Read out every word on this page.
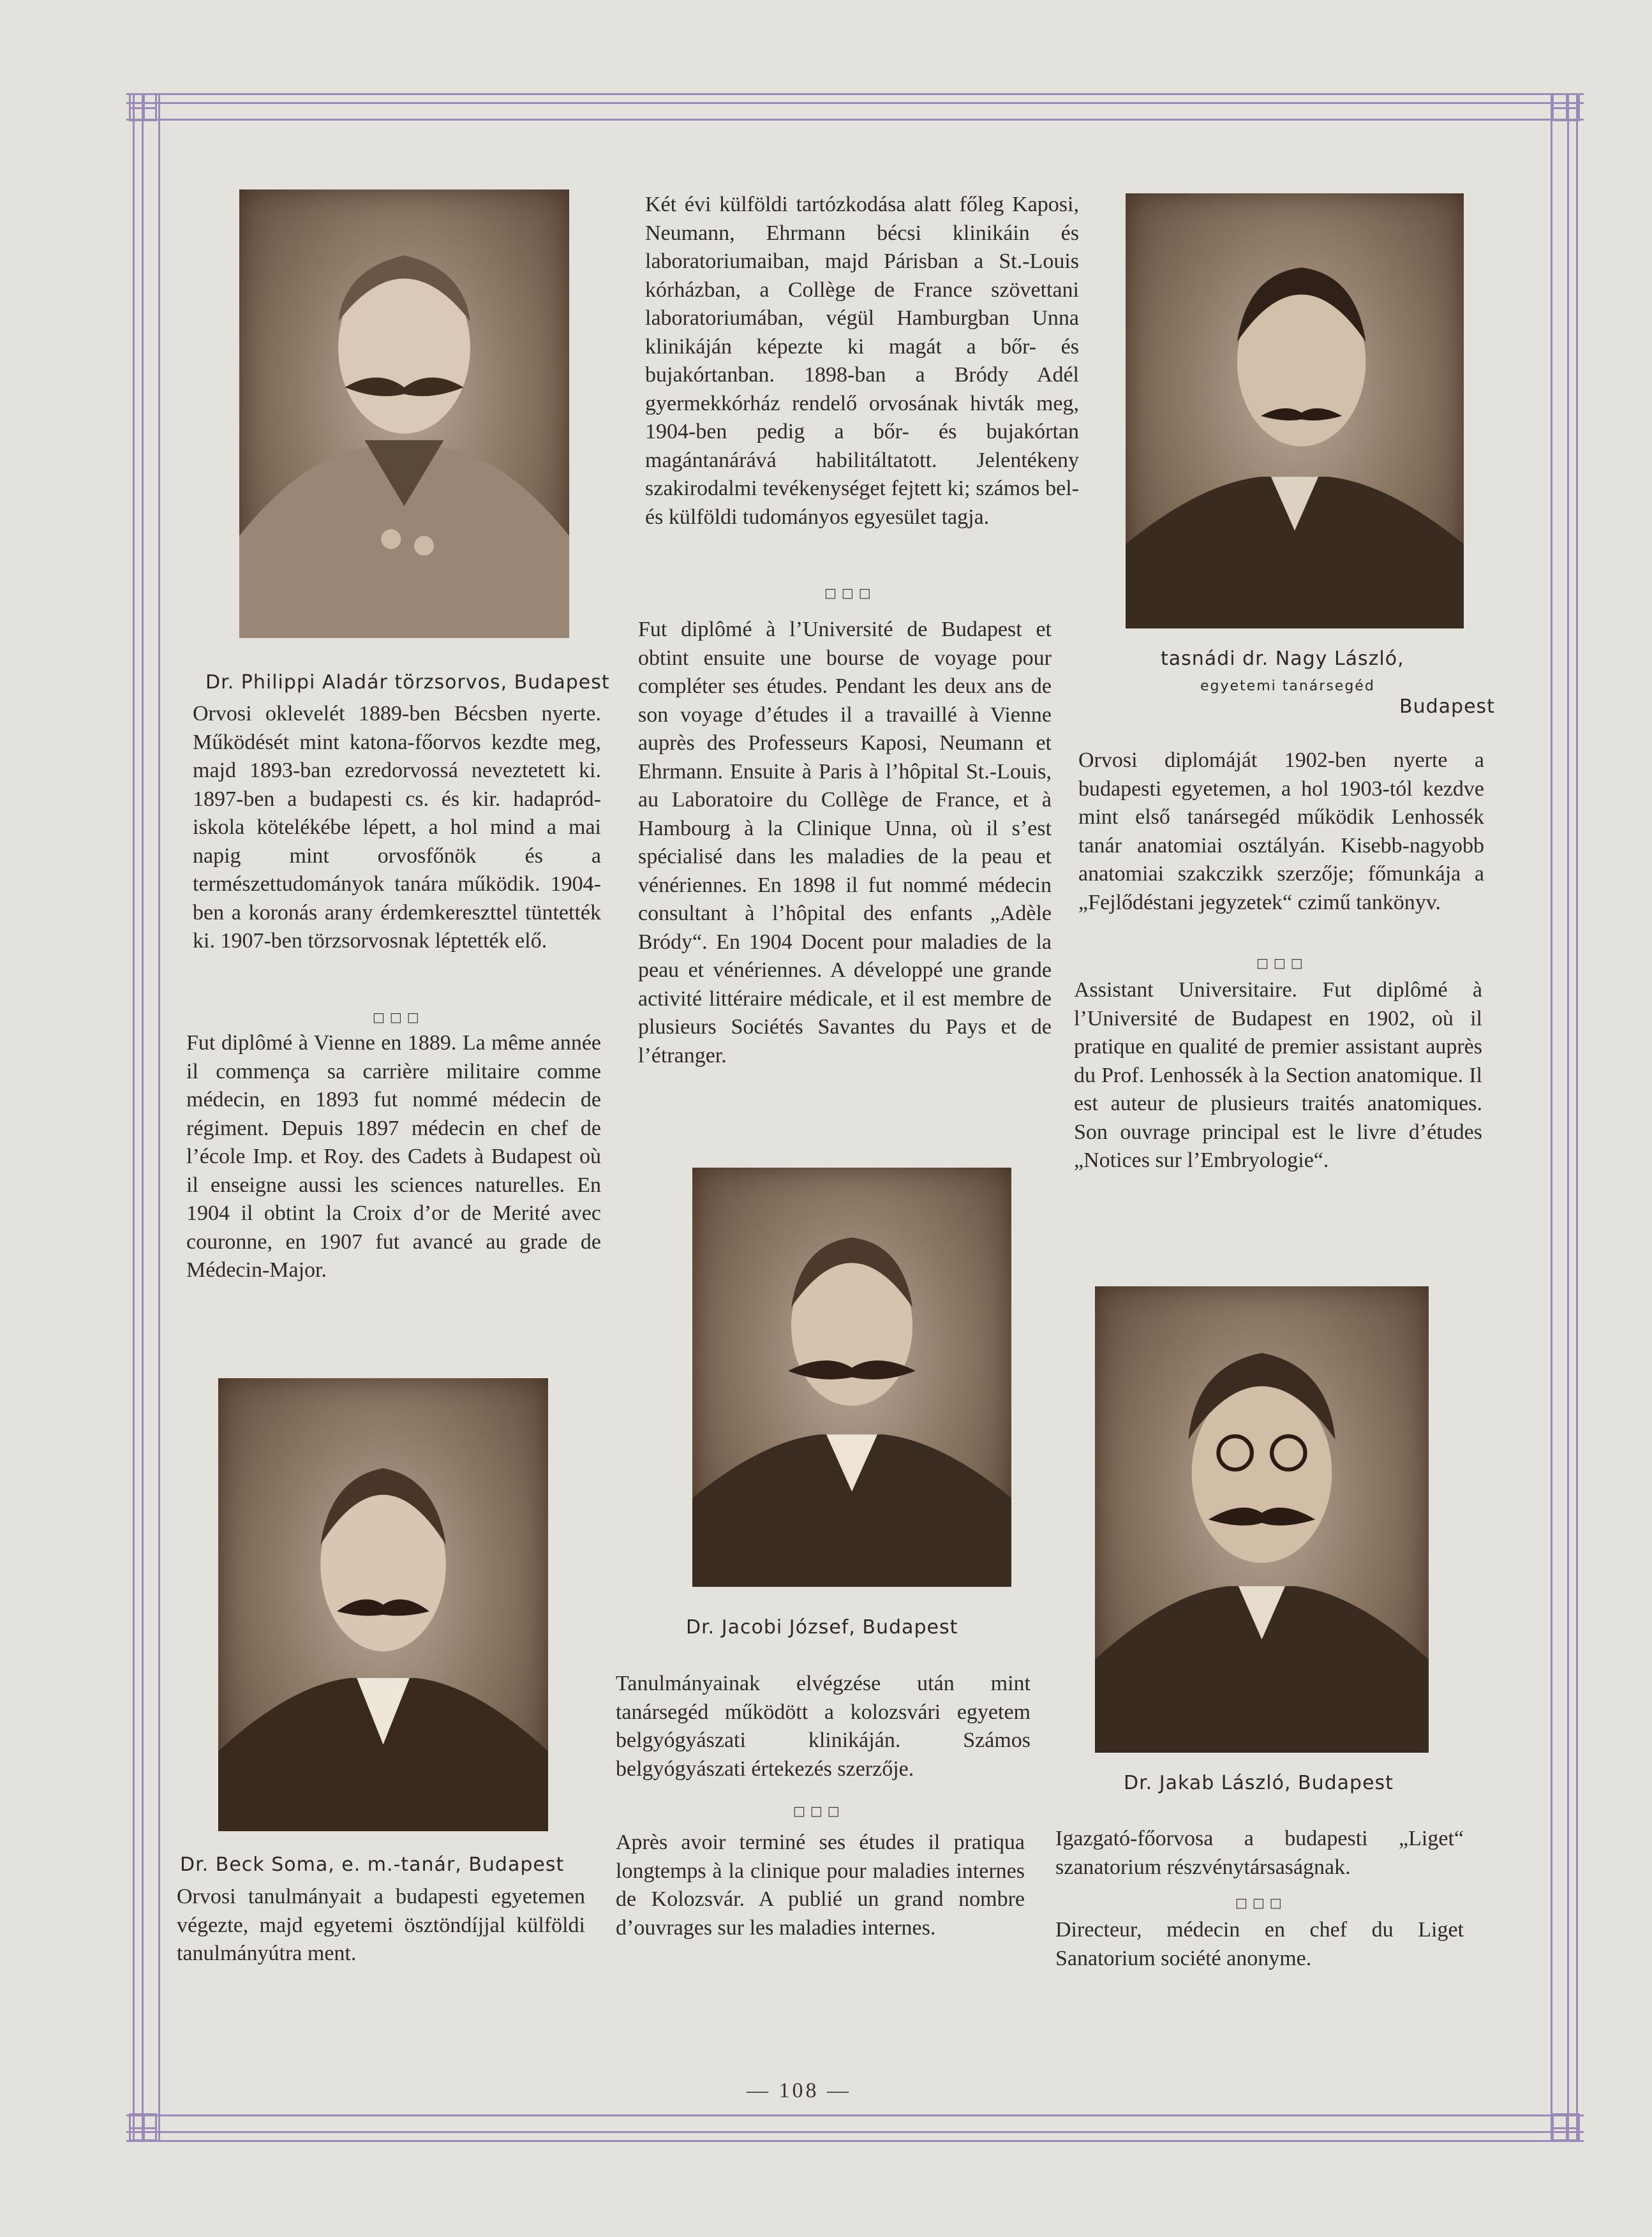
Dr. Philippi Aladár törzsorvos, Budapest
Orvosi oklevelét 1889-ben Bécsben nyerte. Működését mint katona-főorvos kezdte meg, majd 1893-ban ezredorvossá neveztetett ki. 1897-ben a budapesti cs. és kir. hadapród-iskola kötelékébe lépett, a hol mind a mai napig mint orvosfőnök és a természettudományok tanára működik. 1904-ben a koronás arany érdemkereszttel tüntették ki. 1907-ben törzsorvosnak léptették elő.
□□□
Fut diplômé à Vienne en 1889. La même année il commença sa carrière militaire comme médecin, en 1893 fut nommé médecin de régiment. Depuis 1897 médecin en chef de l’école Imp. et Roy. des Cadets à Budapest où il enseigne aussi les sciences naturelles. En 1904 il obtint la Croix d’or de Merité avec couronne, en 1907 fut avancé au grade de Médecin-Major.
Dr. Beck Soma, e. m.-tanár, Budapest
Orvosi tanulmányait a budapesti egyetemen végezte, majd egyetemi ösztöndíjjal külföldi tanulmányútra ment.
Két évi külföldi tartózkodása alatt főleg Kaposi, Neumann, Ehrmann bécsi klinikáin és laboratoriumaiban, majd Párisban a St.-Louis kórházban, a Collège de France szövettani laboratoriumában, végül Hamburgban Unna klinikáján képezte ki magát a bőr- és bujakórtanban. 1898-ban a Bródy Adél gyermekkórház rendelő orvosának hivták meg, 1904-ben pedig a bőr- és bujakórtan magántanárává habilitáltatott. Jelentékeny szakirodalmi tevékenységet fejtett ki; számos bel- és külföldi tudományos egyesület tagja.
□□□
Fut diplômé à l’Université de Budapest et obtint ensuite une bourse de voyage pour compléter ses études. Pendant les deux ans de son voyage d’études il a travaillé à Vienne auprès des Professeurs Kaposi, Neumann et Ehrmann. Ensuite à Paris à l’hôpital St.-Louis, au Laboratoire du Collège de France, et à Hambourg à la Clinique Unna, où il s’est spécialisé dans les maladies de la peau et vénériennes. En 1898 il fut nommé médecin consultant à l’hôpital des enfants „Adèle Bródy“. En 1904 Docent pour maladies de la peau et vénériennes. A développé une grande activité littéraire médicale, et il est membre de plusieurs Sociétés Savantes du Pays et de l’étranger.
Dr. Jacobi József, Budapest
Tanulmányainak elvégzése után mint tanársegéd működött a kolozsvári egyetem belgyógyászati klinikáján. Számos belgyógyászati értekezés szerzője.
□□□
Après avoir terminé ses études il pratiqua longtemps à la clinique pour maladies internes de Kolozsvár. A publié un grand nombre d’ouvrages sur les maladies internes.
tasnádi dr. Nagy László,
egyetemi tanársegéd
Budapest
Orvosi diplomáját 1902-ben nyerte a budapesti egyetemen, a hol 1903-tól kezdve mint első tanársegéd működik Lenhossék tanár anatomiai osztályán. Kisebb-nagyobb anatomiai szakczikk szerzője; főmunkája a „Fejlődéstani jegyzetek“ czimű tankönyv.
□□□
Assistant Universitaire. Fut diplômé à l’Université de Budapest en 1902, où il pratique en qualité de premier assistant auprès du Prof. Lenhossék à la Section anatomique. Il est auteur de plusieurs traités anatomiques. Son ouvrage principal est le livre d’études „Notices sur l’Embryologie“.
Dr. Jakab László, Budapest
Igazgató-főorvosa a budapesti „Liget“ szanatorium részvénytársaságnak.
□□□
Directeur, médecin en chef du Liget Sanatorium société anonyme.
— 108 —
